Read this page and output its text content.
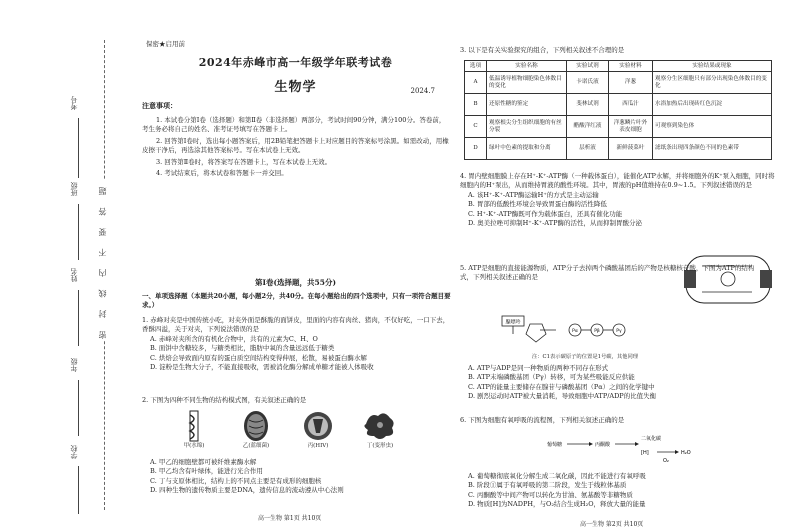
密 封 线 内 不 要 答 题
考号
班级
姓名
年级
学校
保密★启用前
2024年赤峰市高一年级学年联考试卷
生物学	2024.7
注意事项：

1. 本试卷分第Ⅰ卷（选择题）和第Ⅱ卷（非选择题）两部分，考试时间90分钟，满分100分。答卷前，考生务必将自己的姓名、准考证号填写在答题卡上。

2. 回答第Ⅰ卷时，选出每小题答案后，用2B铅笔把答题卡上对应题目的答案标号涂黑。如需改动，用橡皮擦干净后，再选涂其他答案标号。写在本试卷上无效。

3. 回答第Ⅱ卷时，将答案写在答题卡上，写在本试卷上无效。

4. 考试结束后，将本试卷和答题卡一并交回。

第Ⅰ卷(选择题，共55分)
一、单项选择题（本题共20小题，每小题2分，共40分。在每小题给出的四个选项中，只有一项符合题目要求。）
1. 赤峰对夹是中国传统小吃，对夹外面是酥脆的面饼皮，里面的内容有肉丝、猪肉，不仅好吃，一口下去，香酥四溢，关于对夹，下列说法错误的是
A. 赤峰对夹所含的有机化合物中，共有的元素为C、H、O
B. 面饼中含糖较多，与糖类相比，脂肪中氧的含量远远低于糖类
C. 烘焙会导致面内原有的蛋白质空间结构变得伸展，松散，易被蛋白酶水解
D. 淀粉是生物大分子，不能直接吸收，需被消化酶分解成单糖才能被人体吸收
2. 下图为四种不同生物的结构模式图，有关叙述正确的是
甲(水绵)	乙(蓝细菌)	丙(HIV)	丁(变形虫)
A. 甲乙的细胞壁都可被纤维素酶水解
B. 甲乙均含有叶绿体，能进行光合作用
C. 丁与支原体相比，结构上的不同点主要是有成形的细胞核
D. 四种生物的遗传物质主要是DNA，遗传信息的流动遵从中心法则
高一生物 第1页 共10页
3. 以下是有关实验探究的组合，下列相关叙述不合理的是
选项	实验名称	实验试剂	实验材料	实验结果或现象
A	低温诱导植物细胞染色体数目的变化	卡诺氏液	洋葱	观察分生区细胞只有部分出现染色体数目的变化
B	还原性糖的鉴定	斐林试剂	西瓜汁	水浴加热后出现砖红色沉淀
C	观察根尖分生组织细胞的有丝分裂	醋酸洋红液	洋葱鳞片叶外表皮细胞	可观察到染色体
D	绿叶中色素的提取和分离	层析液	新鲜菠菜叶	滤纸条出现四条颜色不同的色素带
4. 胃内壁细胞膜上存在H⁺-K⁺-ATP酶（一种载体蛋白），能催化ATP水解，并将细胞外的K⁺泵入细胞，同时将细胞内的H⁺泵出，从而维持胃液的酸性环境。其中，胃液的pH值维持在0.9~1.5。下列叙述错误的是
A. 该H⁺-K⁺-ATP酶运输H⁺的方式是主动运输
B. 胃部的低酸性环境会导致胃蛋白酶的活性降低
C. H⁺-K⁺-ATP酶既可作为载体蛋白，还具有催化功能
D. 奥美拉唑可抑制H⁺-K⁺-ATP酶的活性，从而抑制胃酸分泌
5. ATP是细胞的直接能源物质，ATP分子去掉两个磷酸基团后的产物是核糖核苷酸，下图为ATP的结构式，下列相关叙述正确的是
腺嘌呤
Pα	Pβ	Pγ
注：C1表示碳原子的位置是1号碳，其他同理
A. ATP与ADP是同一种物质的两种不同存在形式
B. ATP末端磷酸基团（Pγ）转移，可为某些吸能反应供能
C. ATP的能量主要储存在腺苷与磷酸基团（Pα）之间的化学键中
D. 剧烈运动时ATP被大量消耗，导致细胞中ATP/ADP的比值失衡
6. 下图为细胞有氧呼吸的流程图，下列相关叙述正确的是
葡萄糖	丙酮酸
二氧化碳
[H]
O₂
H₂O
A. 葡萄糖彻底氧化分解生成二氧化碳，因此不能进行有氧呼吸
B. 阶段①属于有氧呼吸的第二阶段，发生于线粒体基质
C. 丙酮酸等中间产物可以转化为甘油、氨基酸等非糖物质
D. 物质[H]为NADPH，与O₂结合生成H₂O，释放大量的能量
高一生物 第2页 共10页
